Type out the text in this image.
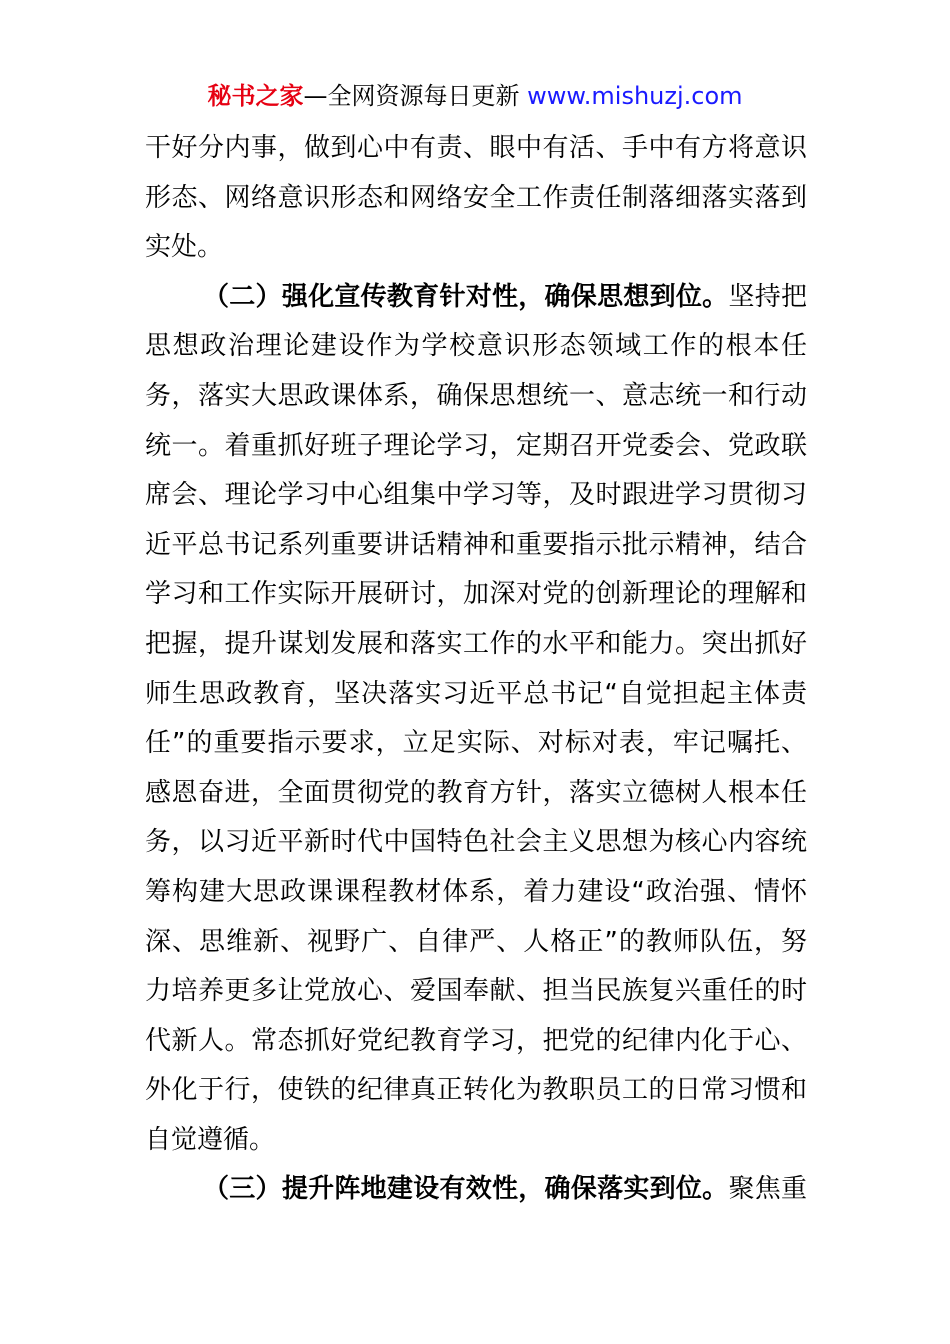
秘书之家—全网资源每日更新 www.mishuzj.com
干好分内事，做到心中有责、眼中有活、手中有方将意识
形态、网络意识形态和网络安全工作责任制落细落实落到
实处。
（二）强化宣传教育针对性，确保思想到位。坚持把
思想政治理论建设作为学校意识形态领域工作的根本任
务，落实大思政课体系，确保思想统一、意志统一和行动
统一。着重抓好班子理论学习，定期召开党委会、党政联
席会、理论学习中心组集中学习等，及时跟进学习贯彻习
近平总书记系列重要讲话精神和重要指示批示精神，结合
学习和工作实际开展研讨，加深对党的创新理论的理解和
把握，提升谋划发展和落实工作的水平和能力。突出抓好
师生思政教育，坚决落实习近平总书记“自觉担起主体责
任”的重要指示要求，立足实际、对标对表，牢记嘱托、
感恩奋进，全面贯彻党的教育方针，落实立德树人根本任
务，以习近平新时代中国特色社会主义思想为核心内容统
筹构建大思政课课程教材体系，着力建设“政治强、情怀
深、思维新、视野广、自律严、人格正”的教师队伍，努
力培养更多让党放心、爱国奉献、担当民族复兴重任的时
代新人。常态抓好党纪教育学习，把党的纪律内化于心、
外化于行，使铁的纪律真正转化为教职员工的日常习惯和
自觉遵循。
（三）提升阵地建设有效性，确保落实到位。聚焦重
